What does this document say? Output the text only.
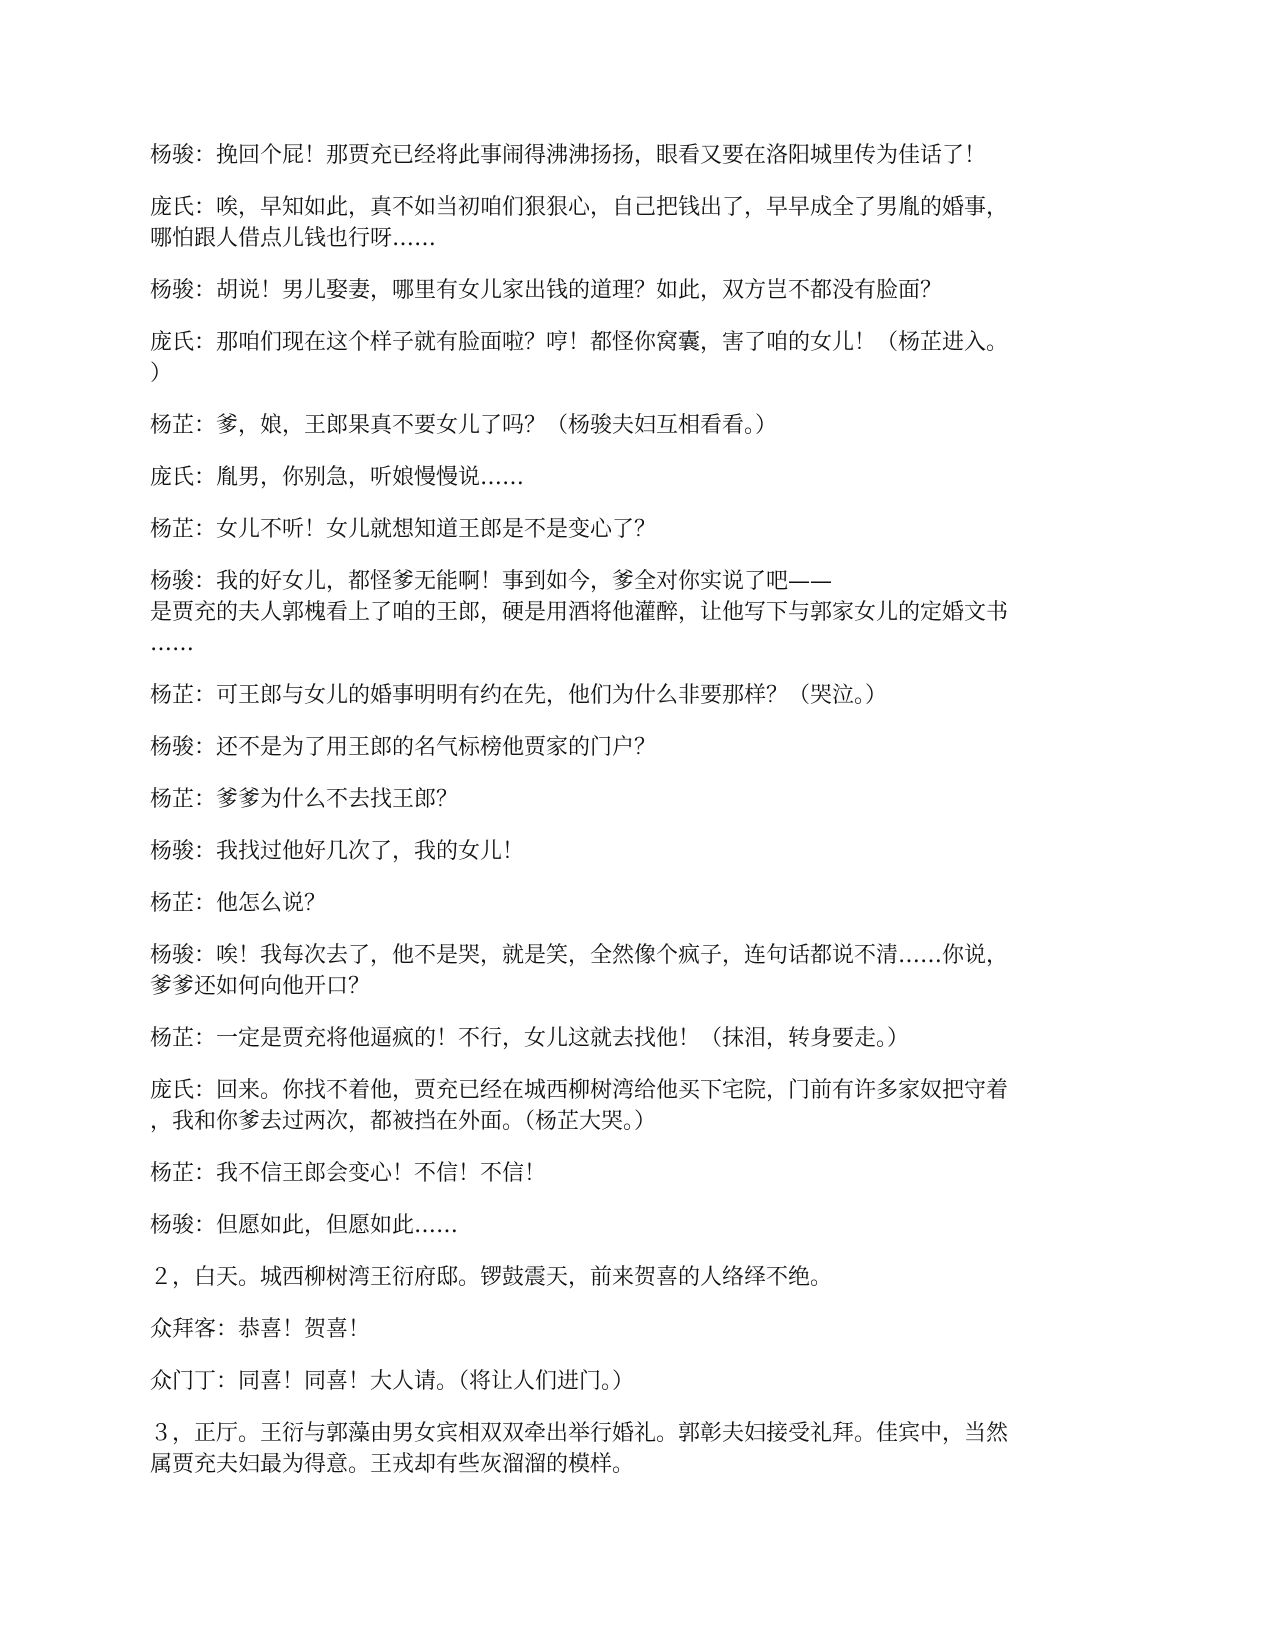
杨骏：挽回个屁！那贾充已经将此事闹得沸沸扬扬，眼看又要在洛阳城里传为佳话了！

庞氏：唉，早知如此，真不如当初咱们狠狠心，自己把钱出了，早早成全了男胤的婚事，
哪怕跟人借点儿钱也行呀……

杨骏：胡说！男儿娶妻，哪里有女儿家出钱的道理？如此，双方岂不都没有脸面？

庞氏：那咱们现在这个样子就有脸面啦？哼！都怪你窝囊，害了咱的女儿！（杨芷进入。
）

杨芷：爹，娘，王郎果真不要女儿了吗？（杨骏夫妇互相看看。）

庞氏：胤男，你别急，听娘慢慢说……

杨芷：女儿不听！女儿就想知道王郎是不是变心了？

杨骏：我的好女儿，都怪爹无能啊！事到如今，爹全对你实说了吧——
是贾充的夫人郭槐看上了咱的王郎，硬是用酒将他灌醉，让他写下与郭家女儿的定婚文书
……

杨芷：可王郎与女儿的婚事明明有约在先，他们为什么非要那样？（哭泣。）

杨骏：还不是为了用王郎的名气标榜他贾家的门户？

杨芷：爹爹为什么不去找王郎？

杨骏：我找过他好几次了，我的女儿！

杨芷：他怎么说？

杨骏：唉！我每次去了，他不是哭，就是笑，全然像个疯子，连句话都说不清……你说，
爹爹还如何向他开口？

杨芷：一定是贾充将他逼疯的！不行，女儿这就去找他！（抹泪，转身要走。）

庞氏：回来。你找不着他，贾充已经在城西柳树湾给他买下宅院，门前有许多家奴把守着
，我和你爹去过两次，都被挡在外面。（杨芷大哭。）

杨芷：我不信王郎会变心！不信！不信！

杨骏：但愿如此，但愿如此……

２，白天。城西柳树湾王衍府邸。锣鼓震天，前来贺喜的人络绎不绝。

众拜客：恭喜！贺喜！

众门丁：同喜！同喜！大人请。（将让人们进门。）

３，正厅。王衍与郭藻由男女宾相双双牵出举行婚礼。郭彰夫妇接受礼拜。佳宾中，当然
属贾充夫妇最为得意。王戎却有些灰溜溜的模样。
